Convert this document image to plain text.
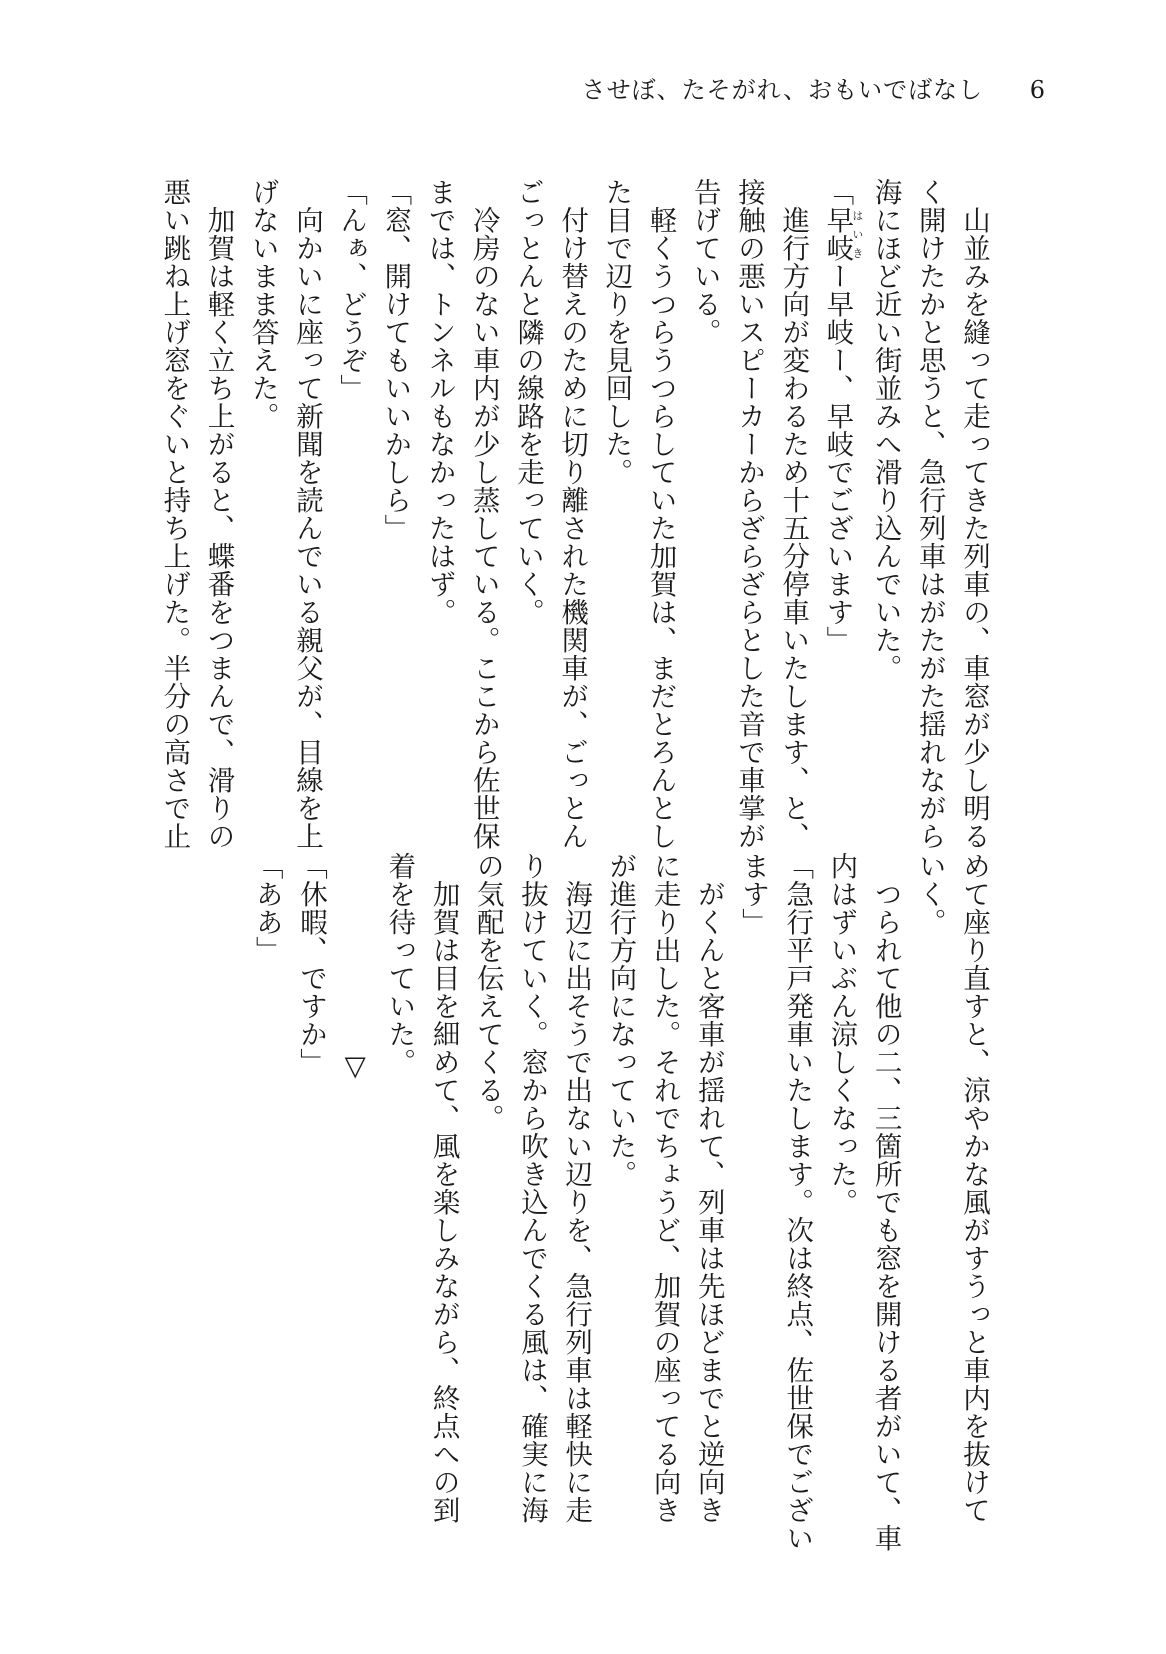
させぼ、たそがれ、おもいでばなし 6

山並みを縫って走ってきた列車の、車窓が少し明る

く開けたかと思うと、急行列車はがたがた揺れながら

海にほど近い街並みへ滑り込んでいた。

「早岐はいきー早岐ー、早岐でございます」

進行方向が変わるため十五分停車いたします、と、

接触の悪いスピーカーからざらざらとした音で車掌が

告げている。

軽くうつらうつらしていた加賀は、まだとろんとし

た目で辺りを見回した。

付け替えのために切り離された機関車が、ごっとん

ごっとんと隣の線路を走っていく。

冷房のない車内が少し蒸している。ここから佐世保

までは、トンネルもなかったはず。

「窓、開けてもいいかしら」

「んぁ、どうぞ」

向かいに座って新聞を読んでいる親父が、目線を上

げないまま答えた。

加賀は軽く立ち上がると、蝶番をつまんで、滑りの

悪い跳ね上げ窓をぐいと持ち上げた。半分の高さで止

めて座り直すと、涼やかな風がすうっと車内を抜けて

いく。

つられて他の二、三箇所でも窓を開ける者がいて、車

内はずいぶん涼しくなった。

「急行平戸発車いたします。次は終点、佐世保でござい

ます」

がくんと客車が揺れて、列車は先ほどまでと逆向き

に走り出した。それでちょうど、加賀の座ってる向き

が進行方向になっていた。

海辺に出そうで出ない辺りを、急行列車は軽快に走

り抜けていく。窓から吹き込んでくる風は、確実に海

の気配を伝えてくる。

加賀は目を細めて、風を楽しみながら、終点への到

着を待っていた。

▽

「休暇、ですか」

「ああ」
